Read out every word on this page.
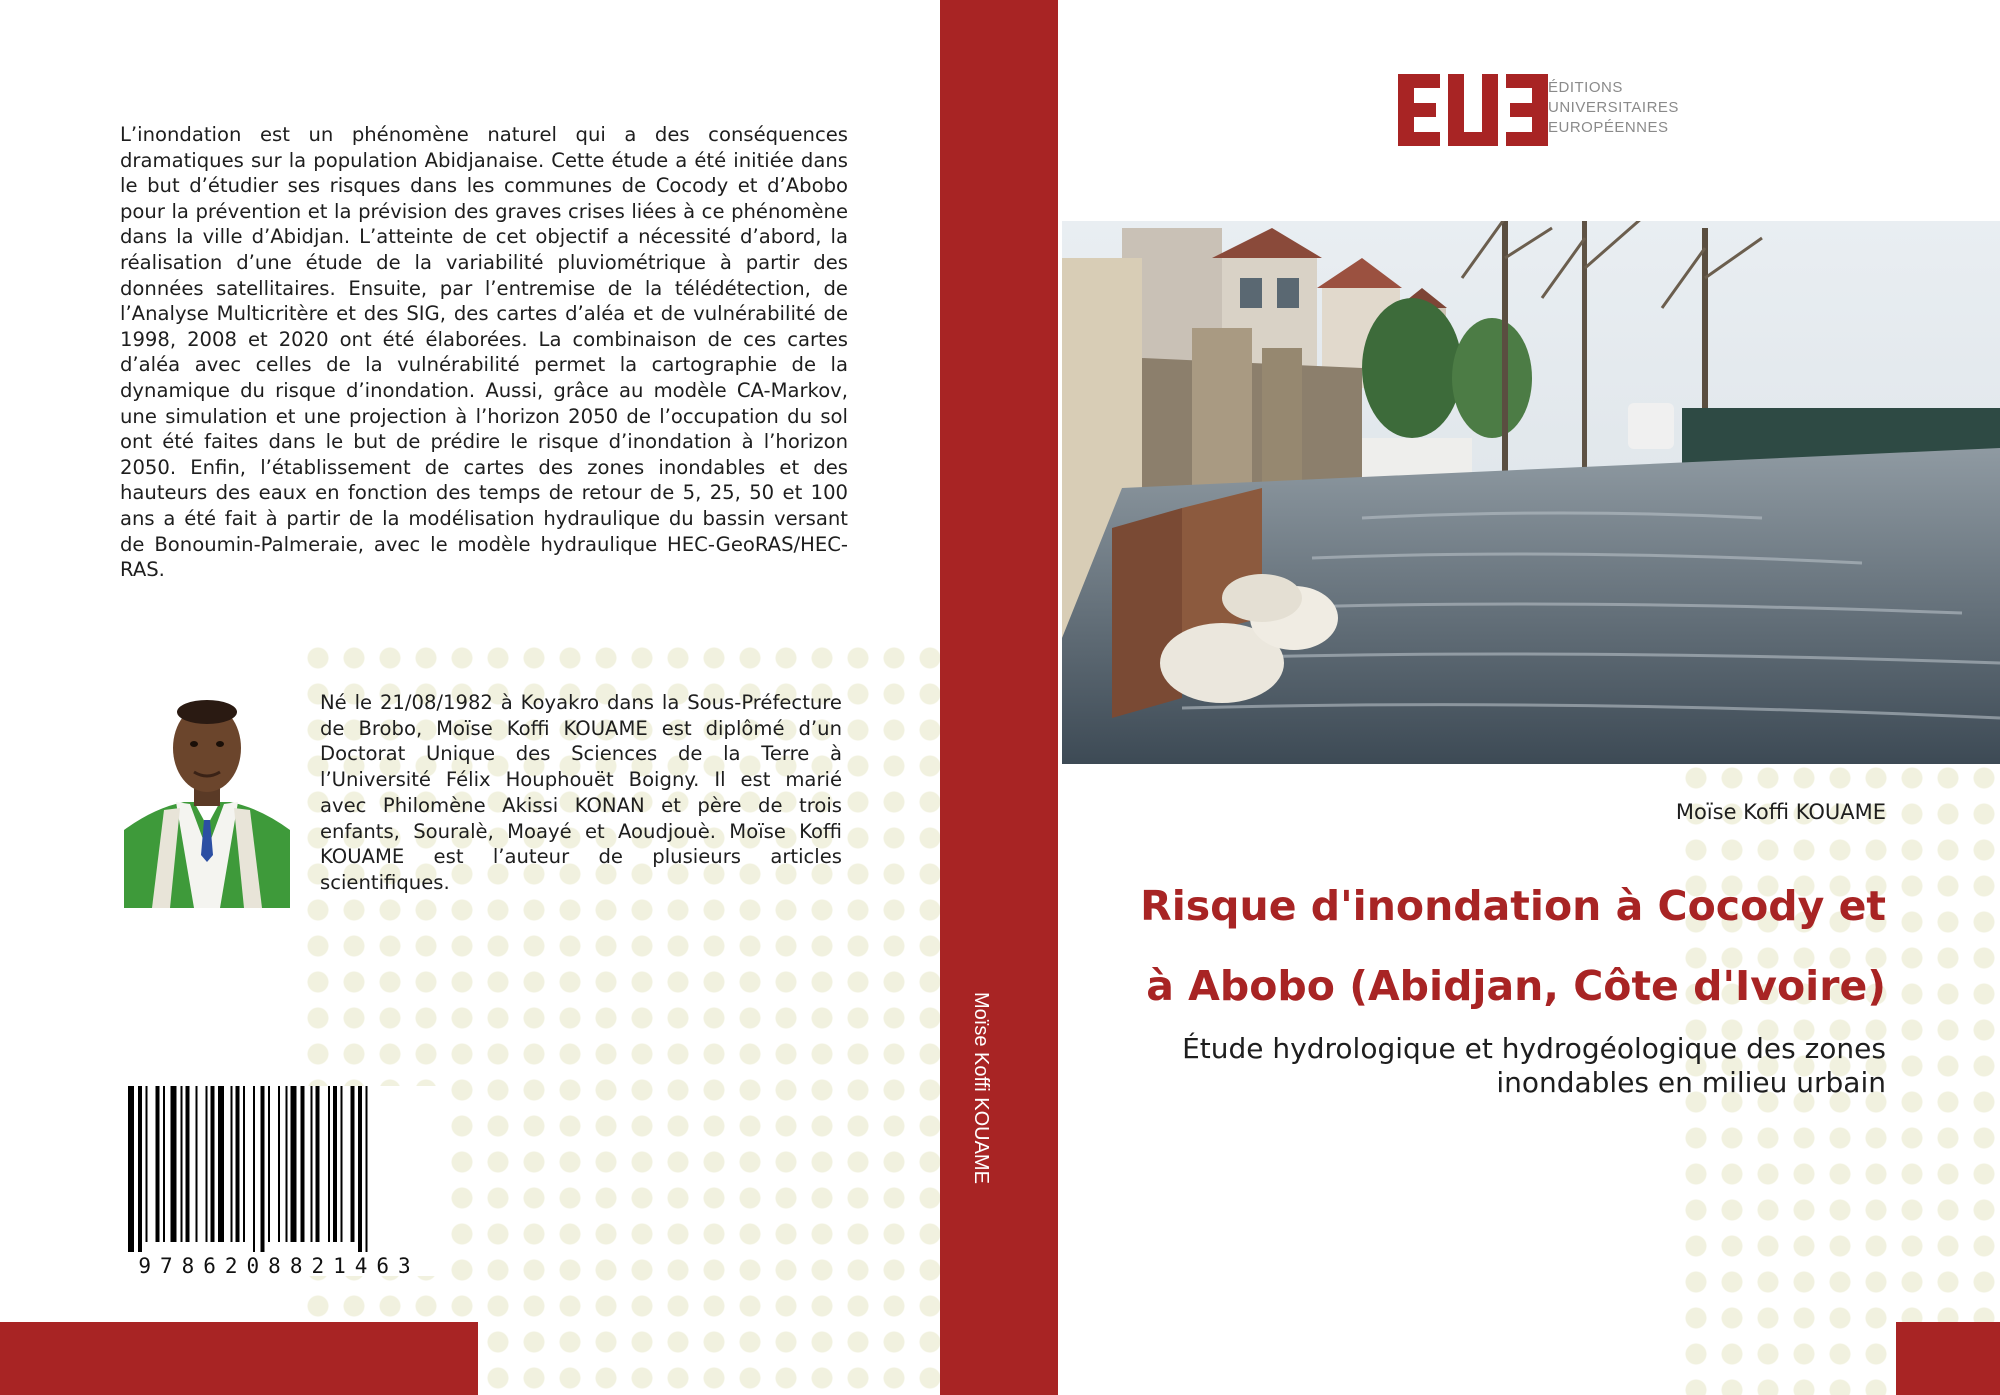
L’inondation est un phénomène naturel qui a des conséquences dramatiques sur la population Abidjanaise. Cette étude a été initiée dans le but d’étudier ses risques dans les communes de Cocody et d’Abobo pour la prévention et la prévision des graves crises liées à ce phénomène dans la ville d’Abidjan. L’atteinte de cet objectif a nécessité d’abord, la réalisation d’une étude de la variabilité pluviométrique à partir des données satellitaires. Ensuite, par l’entremise de la télédétection, de l’Analyse Multicritère et des SIG, des cartes d’aléa et de vulnérabilité de 1998, 2008 et 2020 ont été élaborées. La combinaison de ces cartes d’aléa avec celles de la vulnérabilité permet la cartographie de la dynamique du risque d’inondation. Aussi, grâce au modèle CA-Markov, une simulation et une projection à l’horizon 2050 de l’occupation du sol ont été faites dans le but de prédire le risque d’inondation à l’horizon 2050. Enfin, l’établissement de cartes des zones inondables et des hauteurs des eaux en fonction des temps de retour de 5, 25, 50 et 100 ans a été fait à partir de la modélisation hydraulique du bassin versant de Bonoumin-Palmeraie, avec le modèle hydraulique HEC-GeoRAS/HEC-RAS.

Né le 21/08/1982 à Koyakro dans la Sous-Préfecture de Brobo, Moïse Koffi KOUAME est diplômé d’un Doctorat Unique des Sciences de la Terre à l’Université Félix Houphouët Boigny. Il est marié avec Philomène Akissi KONAN et père de trois enfants, Souralè, Moayé et Aoudjouè. Moïse Koffi KOUAME est l’auteur de plusieurs articles scientifiques.

9786208821463
Moïse Koffi KOUAME
ÉDITIONS
UNIVERSITAIRES
EUROPÉENNES
Moïse Koffi KOUAME
Risque d'inondation à Cocody et à Abobo (Abidjan, Côte d'Ivoire)

Étude hydrologique et hydrogéologique des zones inondables en milieu urbain
